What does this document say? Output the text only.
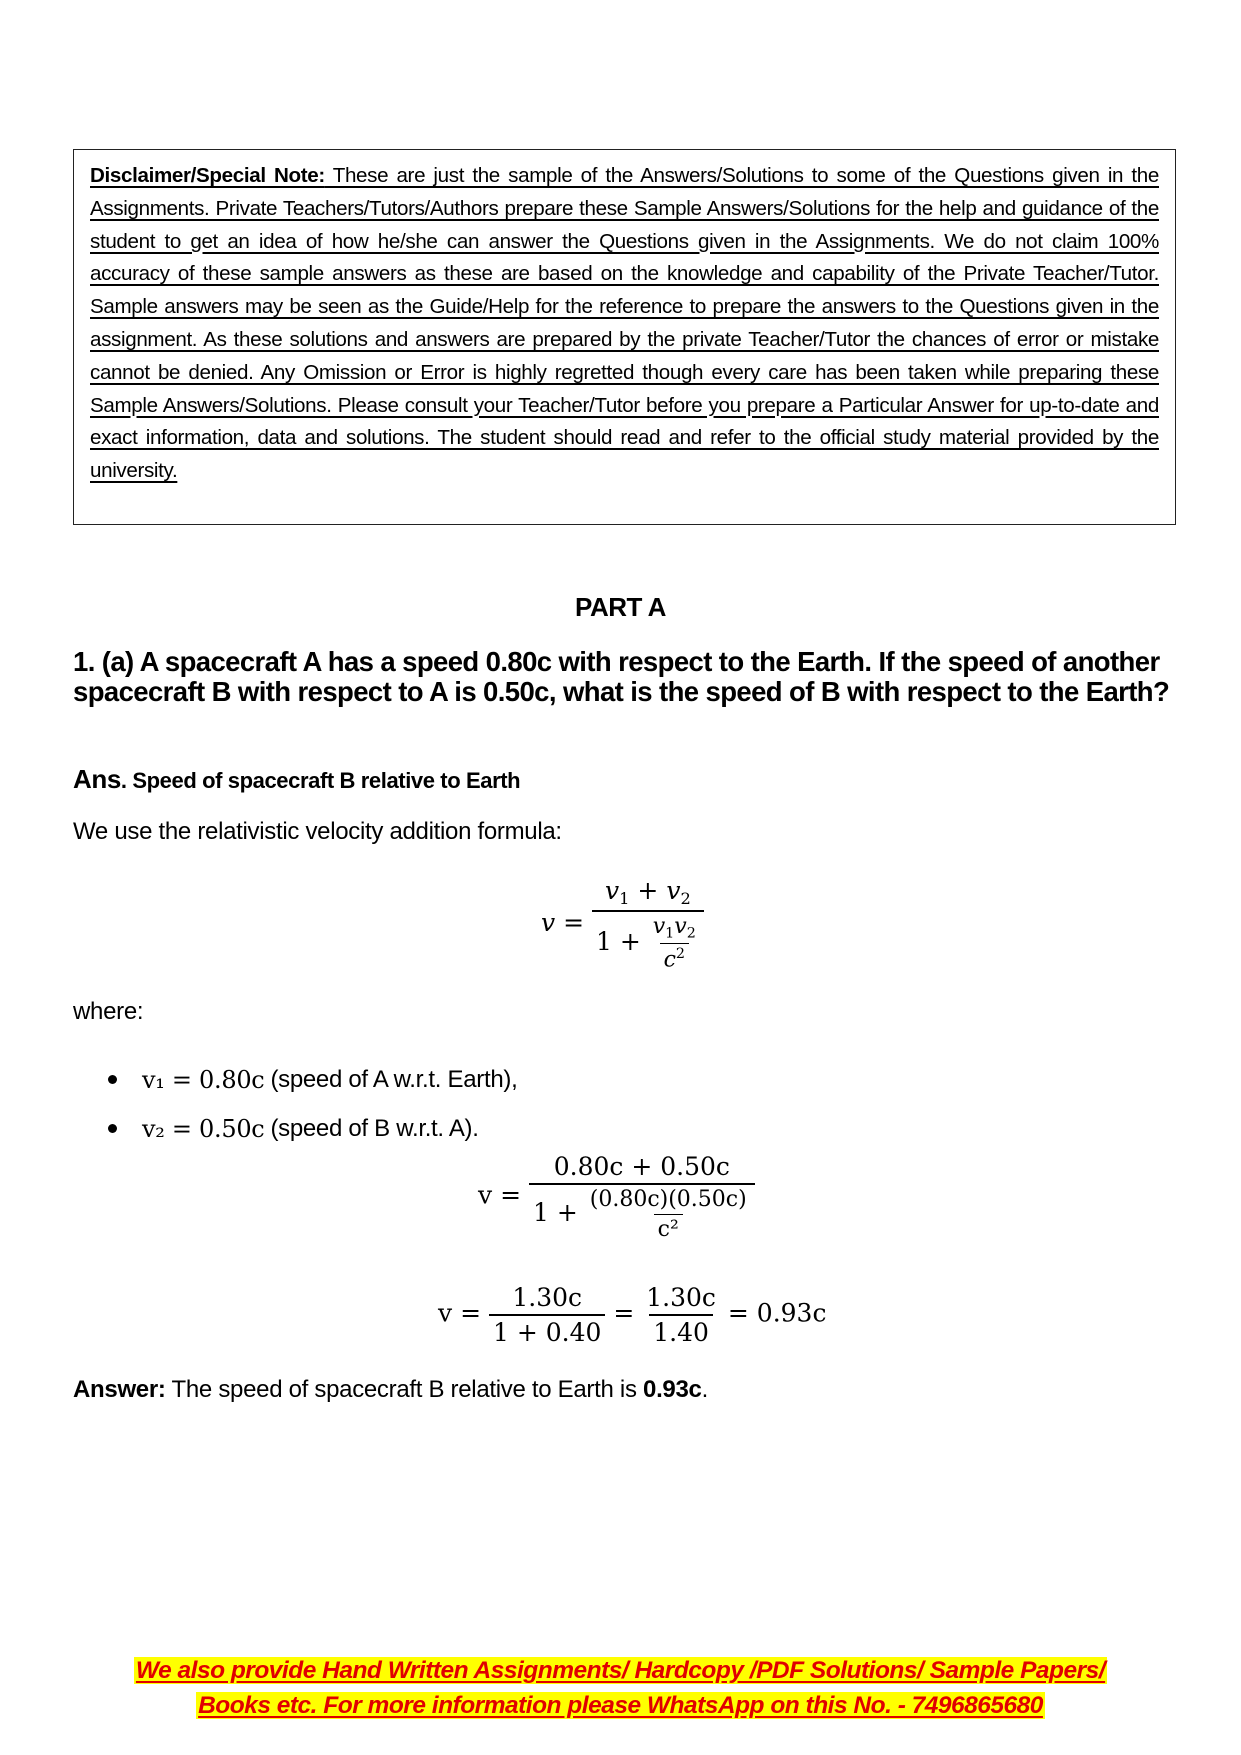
Disclaimer/Special Note: These are just the sample of the Answers/Solutions to some of the Questions given in the Assignments. Private Teachers/Tutors/Authors prepare these Sample Answers/Solutions for the help and guidance of the student to get an idea of how he/she can answer the Questions given in the Assignments. We do not claim 100% accuracy of these sample answers as these are based on the knowledge and capability of the Private Teacher/Tutor. Sample answers may be seen as the Guide/Help for the reference to prepare the answers to the Questions given in the assignment. As these solutions and answers are prepared by the private Teacher/Tutor the chances of error or mistake cannot be denied. Any Omission or Error is highly regretted though every care has been taken while preparing these Sample Answers/Solutions. Please consult your Teacher/Tutor before you prepare a Particular Answer for up-to-date and exact information, data and solutions. The student should read and refer to the official study material provided by the university.

PART A
1. (a) A spacecraft A has a speed 0.80c with respect to the Earth. If the speed of another spacecraft B with respect to A is 0.50c, what is the speed of B with respect to the Earth?
Ans. Speed of spacecraft B relative to Earth
We use the relativistic velocity addition formula:
$v = \frac{v_1 + v_2}{1 + \frac{v_1v_2}{c^2}}$
where:
v₁ = 0.80c (speed of A w.r.t. Earth),
v₂ = 0.50c (speed of B w.r.t. A).
$v = \frac{0.80c + 0.50c}{1 + \frac{(0.80c)(0.50c)}{\text{c²}}}$
$v = \frac{1.30c}{1 + 0.40} = \frac{1.30c}{1.40} = 0.93c$
Answer: The speed of spacecraft B relative to Earth is 0.93c.
We also provide Hand Written Assignments/ Hardcopy /PDF Solutions/ Sample Papers/
Books etc. For more information please WhatsApp on this No. - 7496865680
